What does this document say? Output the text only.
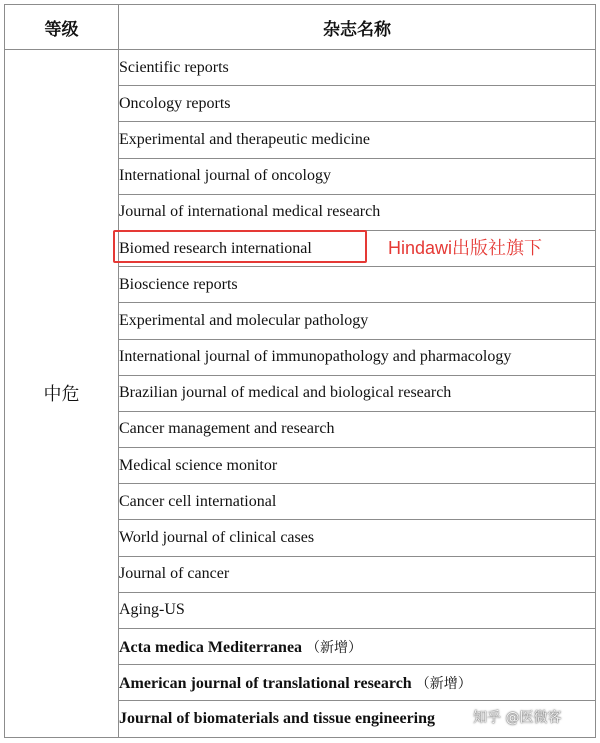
等级	杂志名称
中危	Scientific reports
	Oncology reports
	Experimental and therapeutic medicine
	International journal of oncology
	Journal of international medical research
	Biomed research international
	Bioscience reports
	Experimental and molecular pathology
	International journal of immunopathology and pharmacology
	Brazilian journal of medical and biological research
	Cancer management and research
	Medical science monitor
	Cancer cell international
	World journal of clinical cases
	Journal of cancer
	Aging-US
	Acta medica Mediterranea （新增）
	American journal of translational research （新增）
	Journal of biomaterials and tissue engineering
Hindawi出版社旗下
知乎 @医微客
